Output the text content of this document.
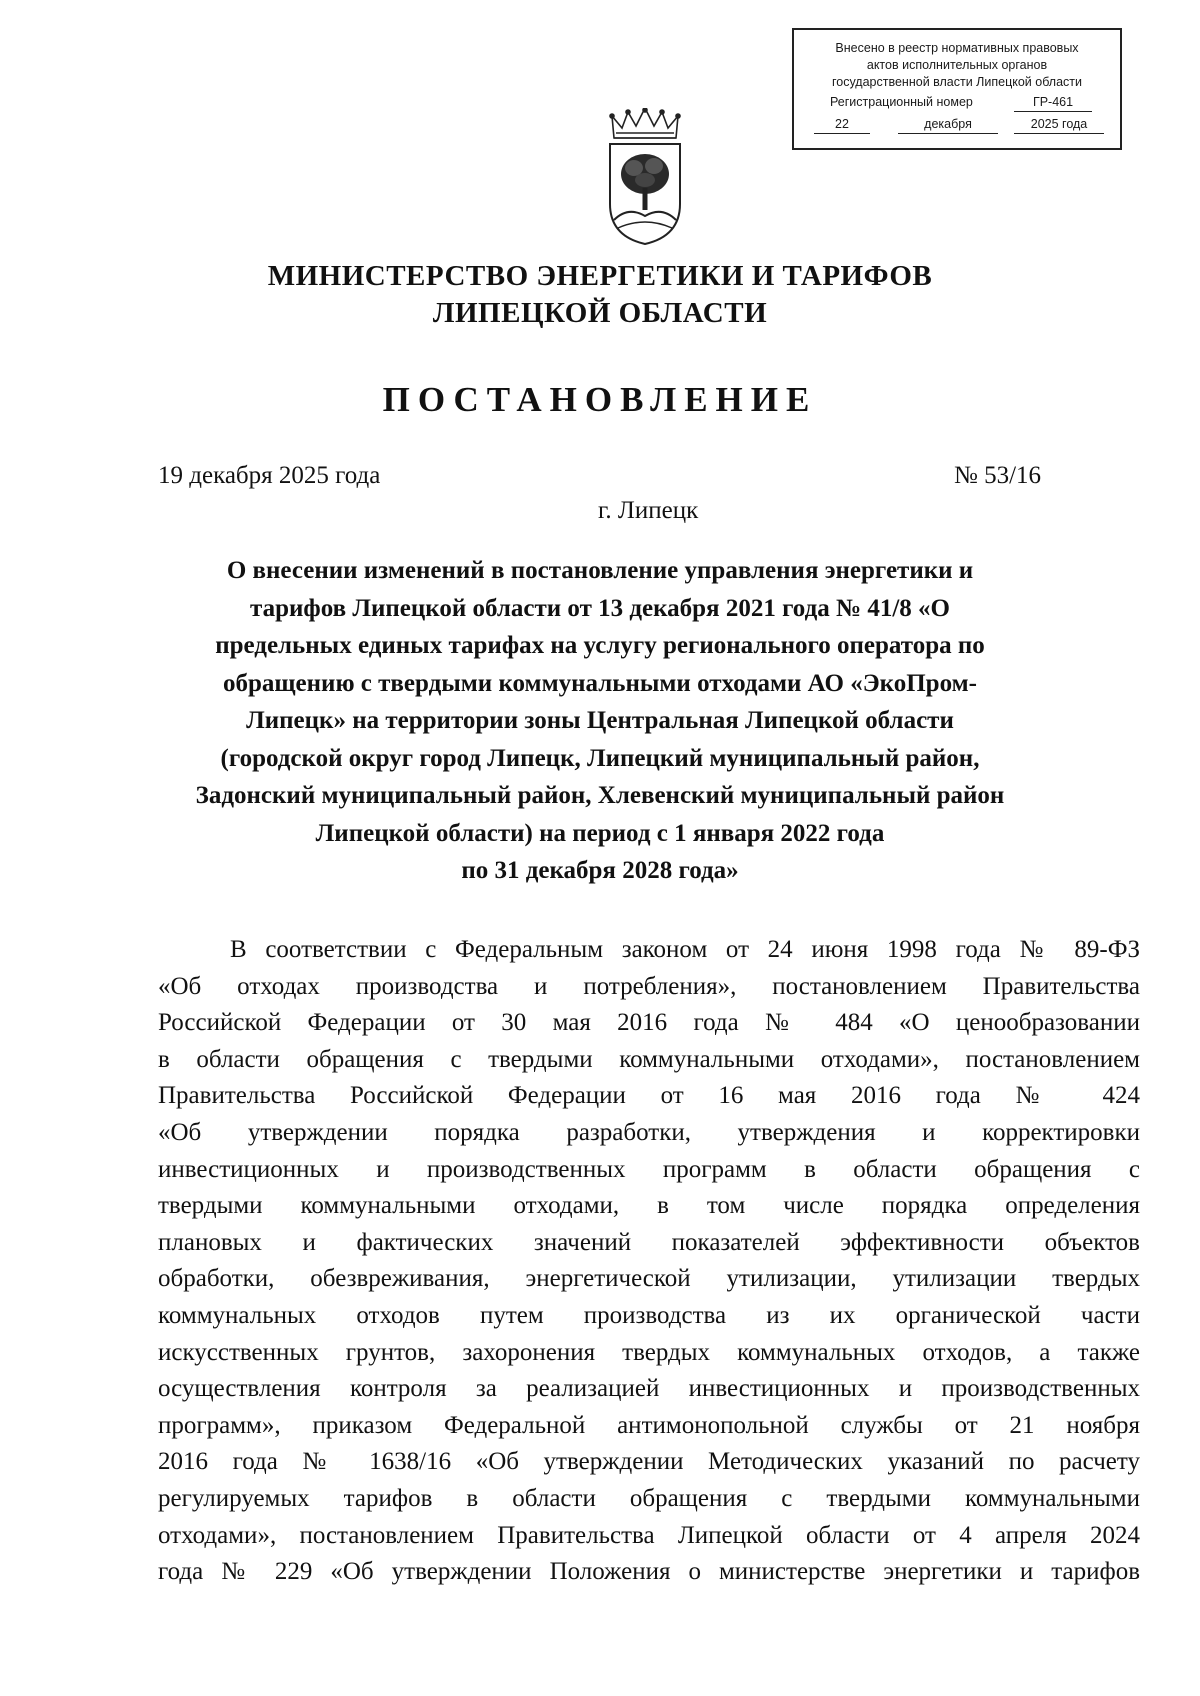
Внесено в реестр нормативных правовых
актов исполнительных органов
государственной власти Липецкой области
Регистрационный номер	ГР-461
22	декабря	2025 года
МИНИСТЕРСТВО ЭНЕРГЕТИКИ И ТАРИФОВ
ЛИПЕЦКОЙ ОБЛАСТИ
ПОСТАНОВЛЕНИЕ
19 декабря 2025 года	№ 53/16
г. Липецк
О внесении изменений в постановление управления энергетики и
тарифов Липецкой области от 13 декабря 2021 года № 41/8 «О
предельных единых тарифах на услугу регионального оператора по
обращению с твердыми коммунальными отходами АО «ЭкоПром-
Липецк» на территории зоны Центральная Липецкой области
(городской округ город Липецк, Липецкий муниципальный район,
Задонский муниципальный район, Хлевенский муниципальный район
Липецкой области) на период с 1 января 2022 года
по 31 декабря 2028 года»
В соответствии с Федеральным законом от 24 июня 1998 года № 89-ФЗ
«Об отходах производства и потребления», постановлением Правительства
Российской Федерации от 30 мая 2016 года № 484 «О ценообразовании
в области обращения с твердыми коммунальными отходами», постановлением
Правительства Российской Федерации от 16 мая 2016 года № 424
«Об утверждении порядка разработки, утверждения и корректировки
инвестиционных и производственных программ в области обращения с
твердыми коммунальными отходами, в том числе порядка определения
плановых и фактических значений показателей эффективности объектов
обработки, обезвреживания, энергетической утилизации, утилизации твердых
коммунальных отходов путем производства из их органической части
искусственных грунтов, захоронения твердых коммунальных отходов, а также
осуществления контроля за реализацией инвестиционных и производственных
программ», приказом Федеральной антимонопольной службы от 21 ноября
2016 года № 1638/16 «Об утверждении Методических указаний по расчету
регулируемых тарифов в области обращения с твердыми коммунальными
отходами», постановлением Правительства Липецкой области от 4 апреля 2024
года № 229 «Об утверждении Положения о министерстве энергетики и тарифов
